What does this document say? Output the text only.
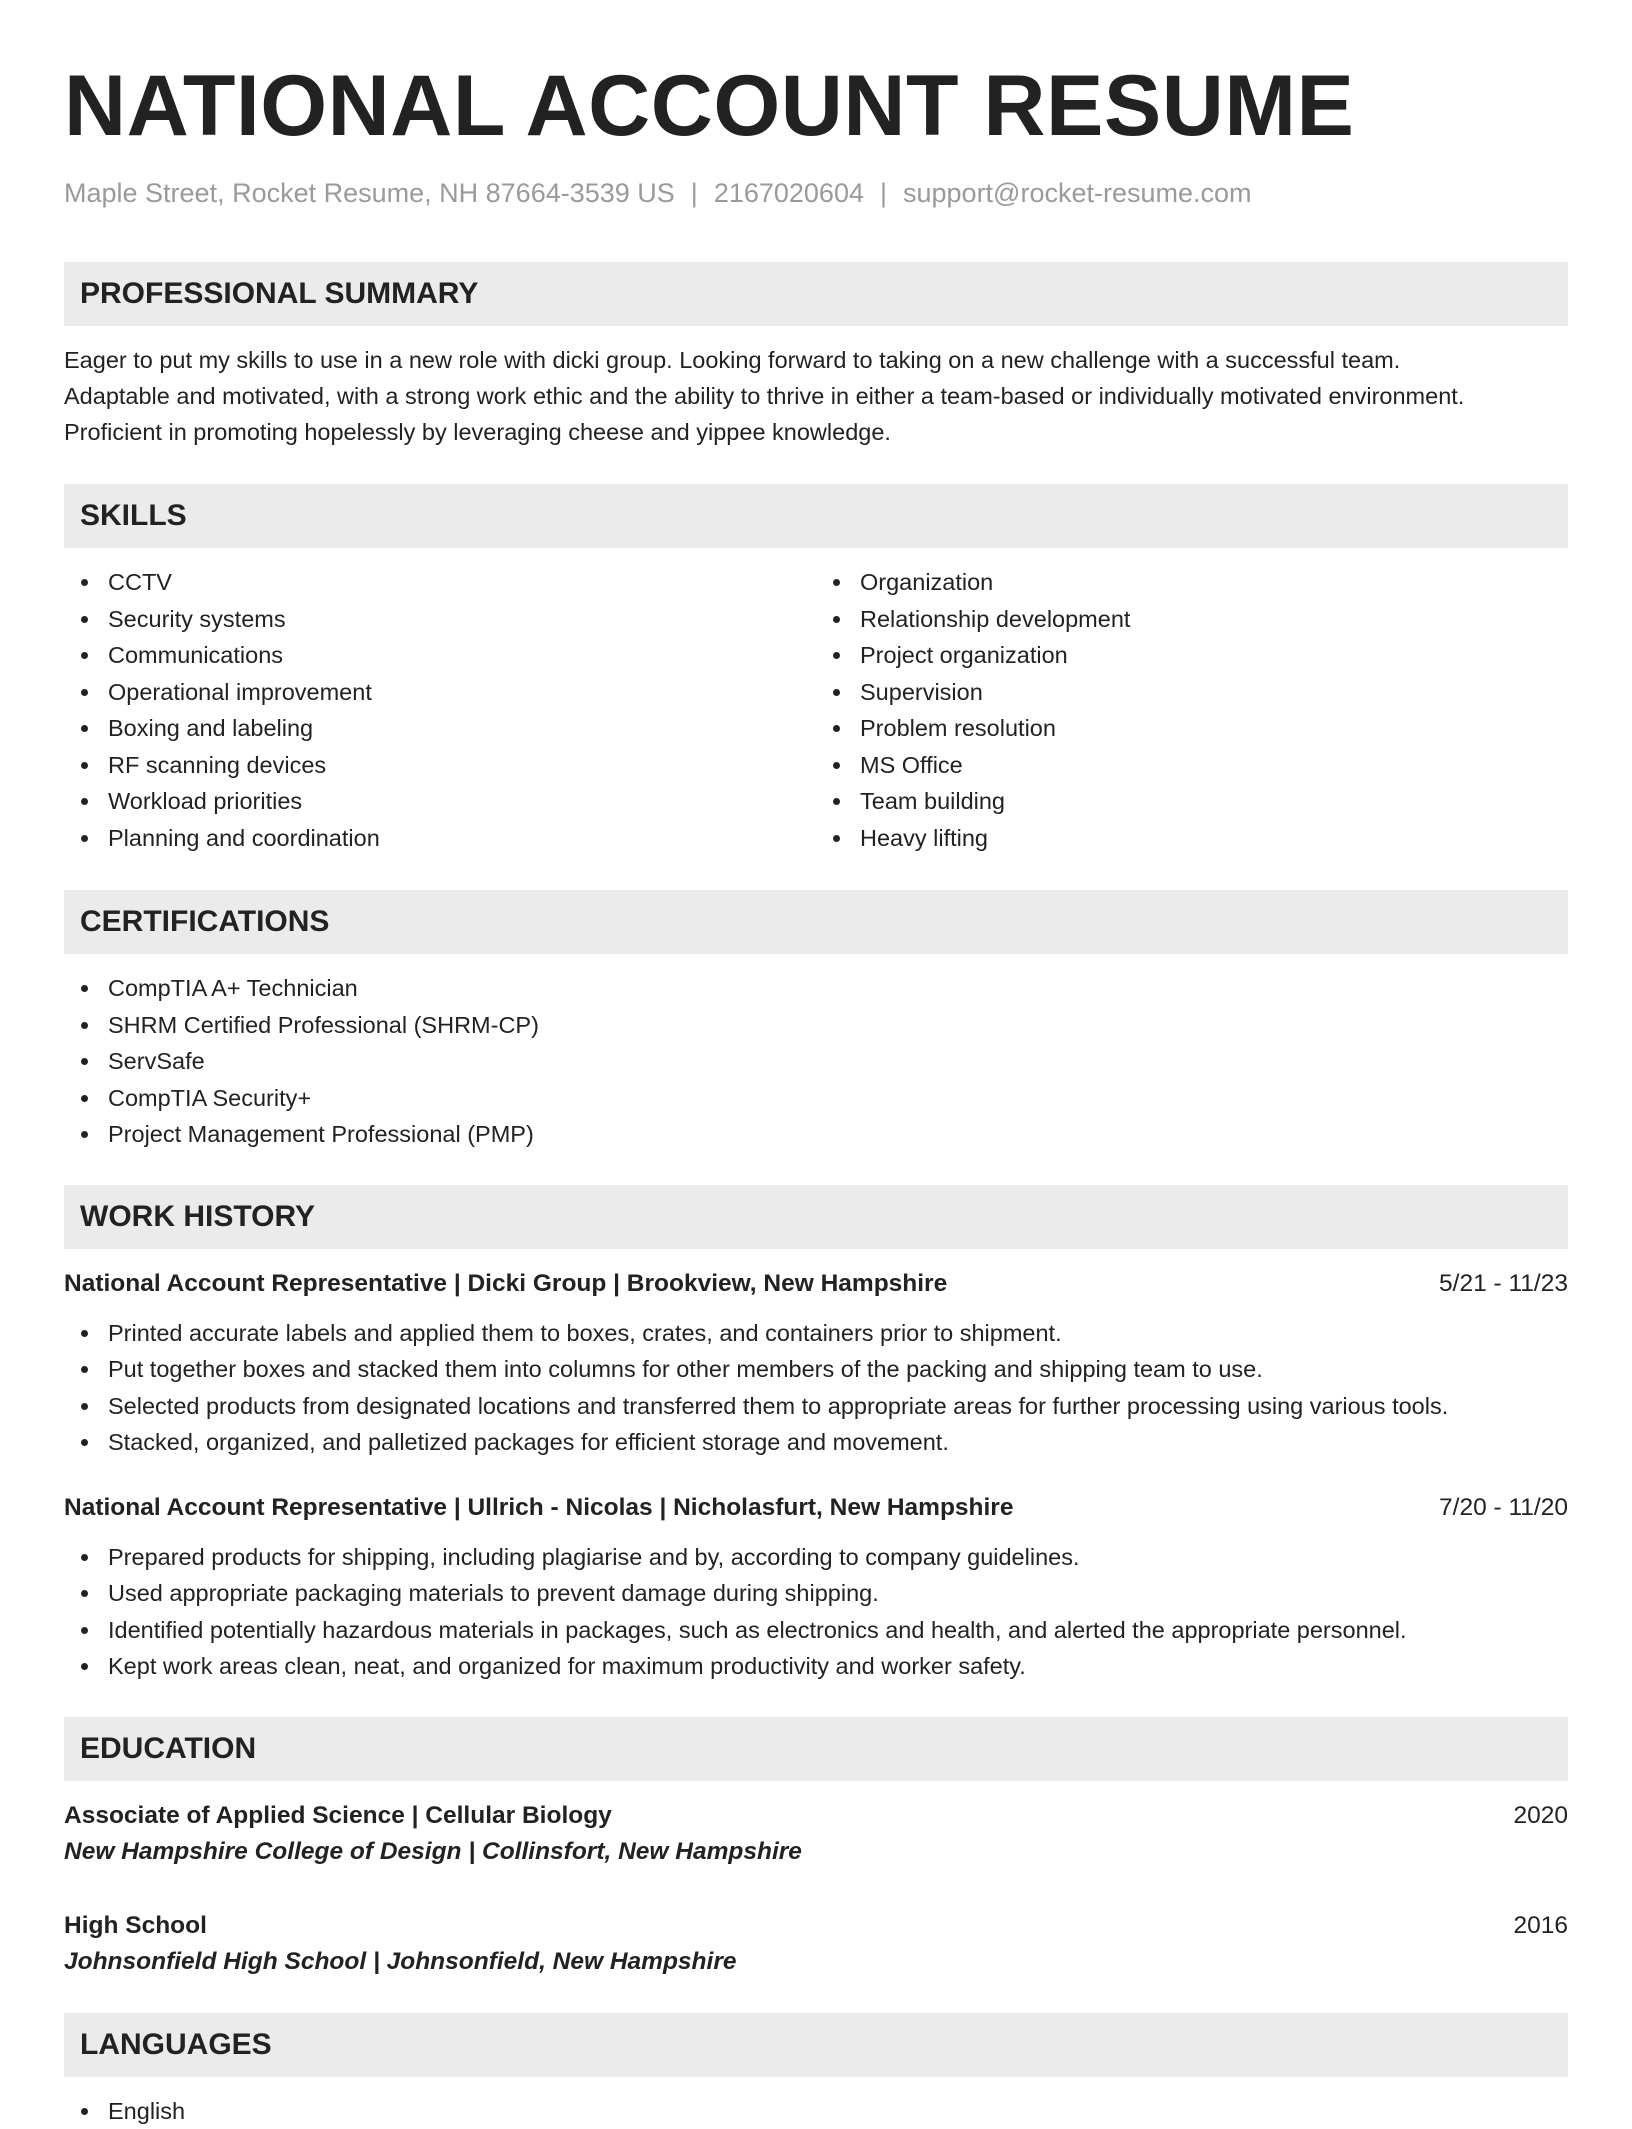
NATIONAL ACCOUNT RESUME
Maple Street, Rocket Resume, NH 87664-3539 US | 2167020604 | support@rocket-resume.com
PROFESSIONAL SUMMARY

Eager to put my skills to use in a new role with dicki group. Looking forward to taking on a new challenge with a successful team.
Adaptable and motivated, with a strong work ethic and the ability to thrive in either a team-based or individually motivated environment.
Proficient in promoting hopelessly by leveraging cheese and yippee knowledge.

SKILLS
CCTV
Security systems
Communications
Operational improvement
Boxing and labeling
RF scanning devices
Workload priorities
Planning and coordination
Organization
Relationship development
Project organization
Supervision
Problem resolution
MS Office
Team building
Heavy lifting
CERTIFICATIONS
CompTIA A+ Technician
SHRM Certified Professional (SHRM-CP)
ServSafe
CompTIA Security+
Project Management Professional (PMP)
WORK HISTORY
National Account Representative | Dicki Group | Brookview, New Hampshire	5/21 - 11/23
Printed accurate labels and applied them to boxes, crates, and containers prior to shipment.
Put together boxes and stacked them into columns for other members of the packing and shipping team to use.
Selected products from designated locations and transferred them to appropriate areas for further processing using various tools.
Stacked, organized, and palletized packages for efficient storage and movement.
National Account Representative | Ullrich - Nicolas | Nicholasfurt, New Hampshire	7/20 - 11/20
Prepared products for shipping, including plagiarise and by, according to company guidelines.
Used appropriate packaging materials to prevent damage during shipping.
Identified potentially hazardous materials in packages, such as electronics and health, and alerted the appropriate personnel.
Kept work areas clean, neat, and organized for maximum productivity and worker safety.
EDUCATION
Associate of Applied Science | Cellular Biology	2020
New Hampshire College of Design | Collinsfort, New Hampshire
High School	2016
Johnsonfield High School | Johnsonfield, New Hampshire
LANGUAGES
English
